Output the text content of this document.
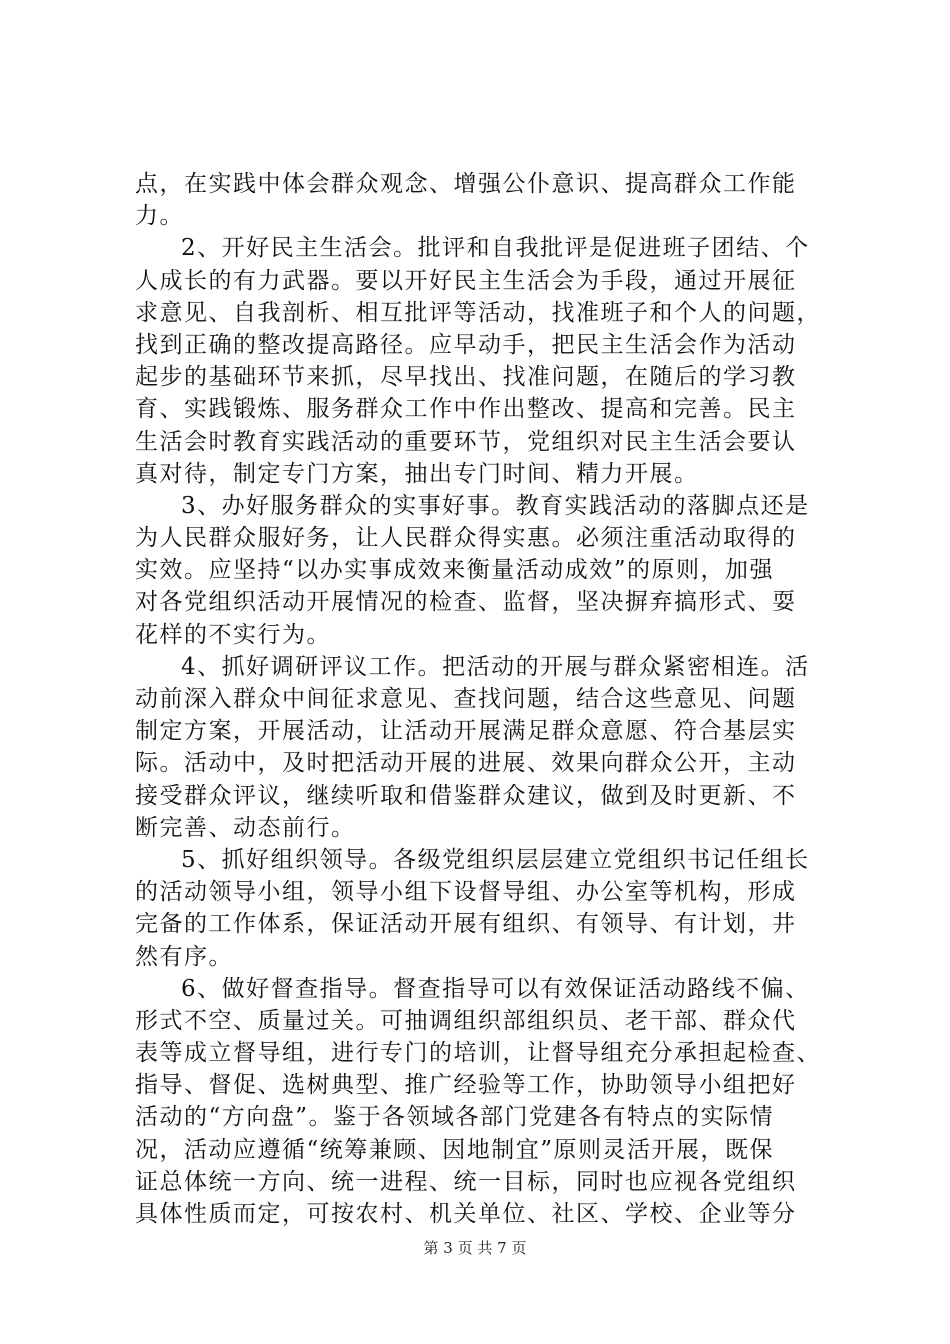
点，在实践中体会群众观念、增强公仆意识、提高群众工作能
力。
2、开好民主生活会。批评和自我批评是促进班子团结、个
人成长的有力武器。要以开好民主生活会为手段，通过开展征
求意见、自我剖析、相互批评等活动，找准班子和个人的问题，
找到正确的整改提高路径。应早动手，把民主生活会作为活动
起步的基础环节来抓，尽早找出、找准问题，在随后的学习教
育、实践锻炼、服务群众工作中作出整改、提高和完善。民主
生活会时教育实践活动的重要环节，党组织对民主生活会要认
真对待，制定专门方案，抽出专门时间、精力开展。
3、办好服务群众的实事好事。教育实践活动的落脚点还是
为人民群众服好务，让人民群众得实惠。必须注重活动取得的
实效。应坚持“以办实事成效来衡量活动成效”的原则，加强
对各党组织活动开展情况的检查、监督，坚决摒弃搞形式、耍
花样的不实行为。
4、抓好调研评议工作。把活动的开展与群众紧密相连。活
动前深入群众中间征求意见、查找问题，结合这些意见、问题
制定方案，开展活动，让活动开展满足群众意愿、符合基层实
际。活动中，及时把活动开展的进展、效果向群众公开，主动
接受群众评议，继续听取和借鉴群众建议，做到及时更新、不
断完善、动态前行。
5、抓好组织领导。各级党组织层层建立党组织书记任组长
的活动领导小组，领导小组下设督导组、办公室等机构，形成
完备的工作体系，保证活动开展有组织、有领导、有计划，井
然有序。
6、做好督查指导。督查指导可以有效保证活动路线不偏、
形式不空、质量过关。可抽调组织部组织员、老干部、群众代
表等成立督导组，进行专门的培训，让督导组充分承担起检查、
指导、督促、选树典型、推广经验等工作，协助领导小组把好
活动的“方向盘”。鉴于各领域各部门党建各有特点的实际情
况，活动应遵循“统筹兼顾、因地制宜”原则灵活开展，既保
证总体统一方向、统一进程、统一目标，同时也应视各党组织
具体性质而定，可按农村、机关单位、社区、学校、企业等分
第 3 页 共 7 页
